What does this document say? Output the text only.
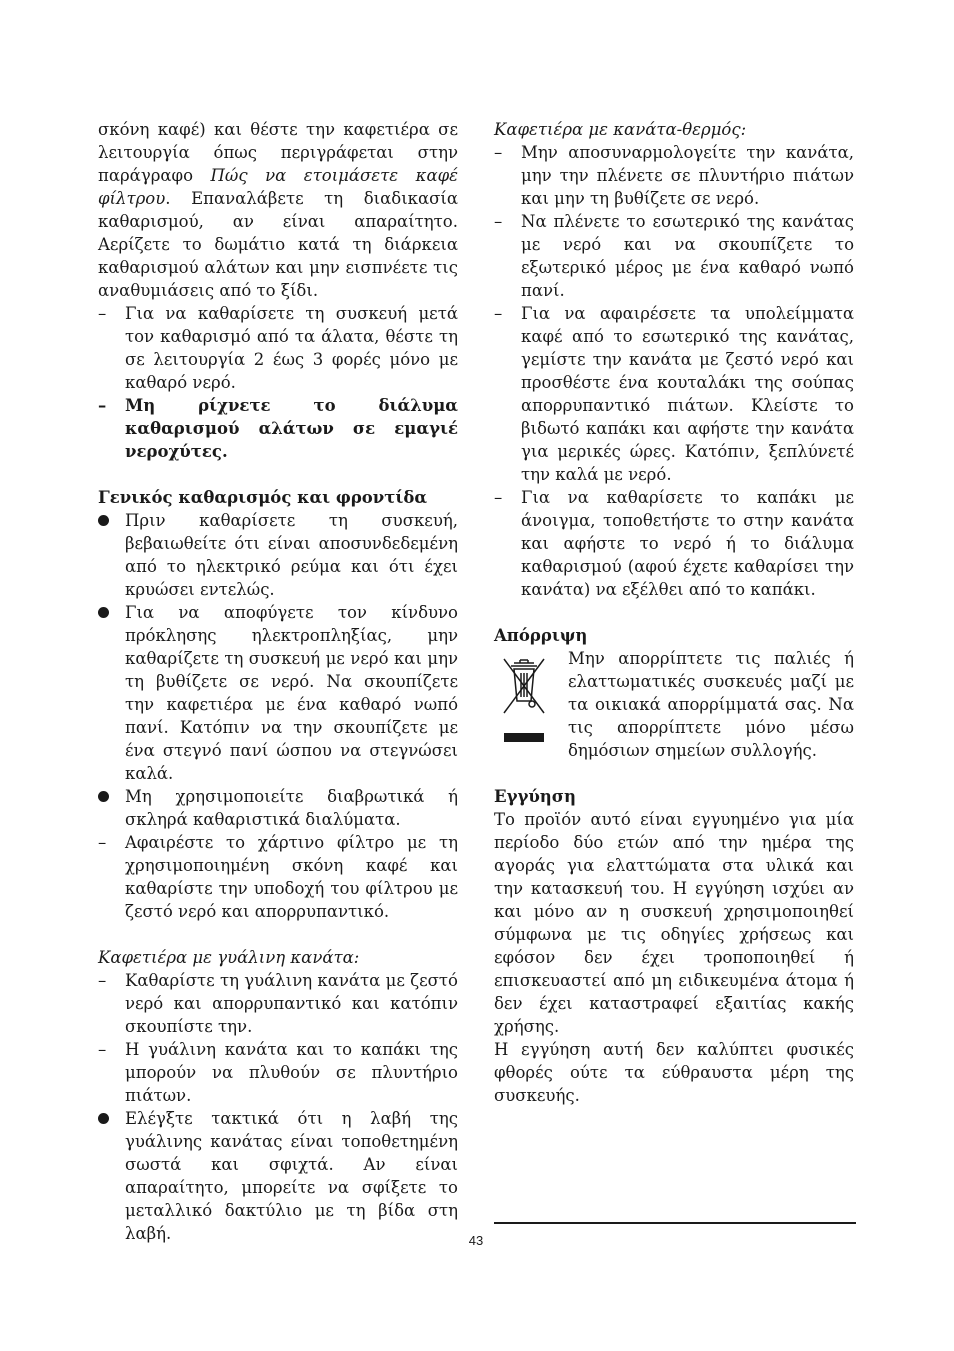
σκόνη καφέ) και θέστε την καφετιέρα σε λειτουργία όπως περιγράφεται στην παράγραφο Πώς να ετοιμάσετε καφέ φίλτρου. Επαναλάβετε τη διαδικασία καθαρισμού, αν είναι απαραίτητο. Αερίζετε το δωμάτιο κατά τη διάρκεια καθαρισμού αλάτων και μην εισπνέετε τις αναθυμιάσεις από το ξίδι.

–	Για να καθαρίσετε τη συσκευή μετά τον καθαρισμό από τα άλατα, θέστε τη σε λειτουργία 2 έως 3 φορές μόνο με καθαρό νερό.
–	Μη ρίχνετε το διάλυμα καθαρισμού αλάτων σε εμαγιέ νεροχύτες.
Γενικός καθαρισμός και φροντίδα
Πριν καθαρίσετε τη συσκευή, βεβαιωθείτε ότι είναι αποσυνδεδεμένη από το ηλεκτρικό ρεύμα και ότι έχει κρυώσει εντελώς.
Για να αποφύγετε τον κίνδυνο πρόκλησης ηλεκτροπληξίας, μην καθαρίζετε τη συσκευή με νερό και μην τη βυθίζετε σε νερό. Να σκουπίζετε την καφετιέρα με ένα καθαρό νωπό πανί. Κατόπιν να την σκουπίζετε με ένα στεγνό πανί ώσπου να στεγνώσει καλά.
Μη χρησιμοποιείτε διαβρωτικά ή σκληρά καθαριστικά διαλύματα.
–	Αφαιρέστε το χάρτινο φίλτρο με τη χρησιμοποιημένη σκόνη καφέ και καθαρίστε την υποδοχή του φίλτρου με ζεστό νερό και απορρυπαντικό.
Καφετιέρα με γυάλινη κανάτα:
–	Καθαρίστε τη γυάλινη κανάτα με ζεστό νερό και απορρυπαντικό και κατόπιν σκουπίστε την.
–	Η γυάλινη κανάτα και το καπάκι της μπορούν να πλυθούν σε πλυντήριο πιάτων.
Ελέγξτε τακτικά ότι η λαβή της γυάλινης κανάτας είναι τοποθετημένη σωστά και σφιχτά. Αν είναι απαραίτητο, μπορείτε να σφίξετε το μεταλλικό δακτύλιο με τη βίδα στη λαβή.
Καφετιέρα με κανάτα-θερμός:
–	Μην αποσυναρμολογείτε την κανάτα, μην την πλένετε σε πλυντήριο πιάτων και μην τη βυθίζετε σε νερό.
–	Να πλένετε το εσωτερικό της κανάτας με νερό και να σκουπίζετε το εξωτερικό μέρος με ένα καθαρό νωπό πανί.
–	Για να αφαιρέσετε τα υπολείμματα καφέ από το εσωτερικό της κανάτας, γεμίστε την κανάτα με ζεστό νερό και προσθέστε ένα κουταλάκι της σούπας απορρυπαντικό πιάτων. Κλείστε το βιδωτό καπάκι και αφήστε την κανάτα για μερικές ώρες. Κατόπιν, ξεπλύνετέ την καλά με νερό.
–	Για να καθαρίσετε το καπάκι με άνοιγμα, τοποθετήστε το στην κανάτα και αφήστε το νερό ή το διάλυμα καθαρισμού (αφού έχετε καθαρίσει την κανάτα) να εξέλθει από το καπάκι.
Απόρριψη

Μην απορρίπτετε τις παλιές ή ελαττωματικές συσκευές μαζί με τα οικιακά απορρίμματά σας. Να τις απορρίπτετε μόνο μέσω δημόσιων σημείων συλλογής.

Εγγύηση

Το προϊόν αυτό είναι εγγυημένο για μία περίοδο δύο ετών από την ημέρα της αγοράς για ελαττώματα στα υλικά και την κατασκευή του. Η εγγύηση ισχύει αν και μόνο αν η συσκευή χρησιμοποιηθεί σύμφωνα με τις οδηγίες χρήσεως και εφόσον δεν έχει τροποποιηθεί ή επισκευαστεί από μη ειδικευμένα άτομα ή δεν έχει καταστραφεί εξαιτίας κακής χρήσης.

Η εγγύηση αυτή δεν καλύπτει φυσικές φθορές ούτε τα εύθραυστα μέρη της συσκευής.

43
